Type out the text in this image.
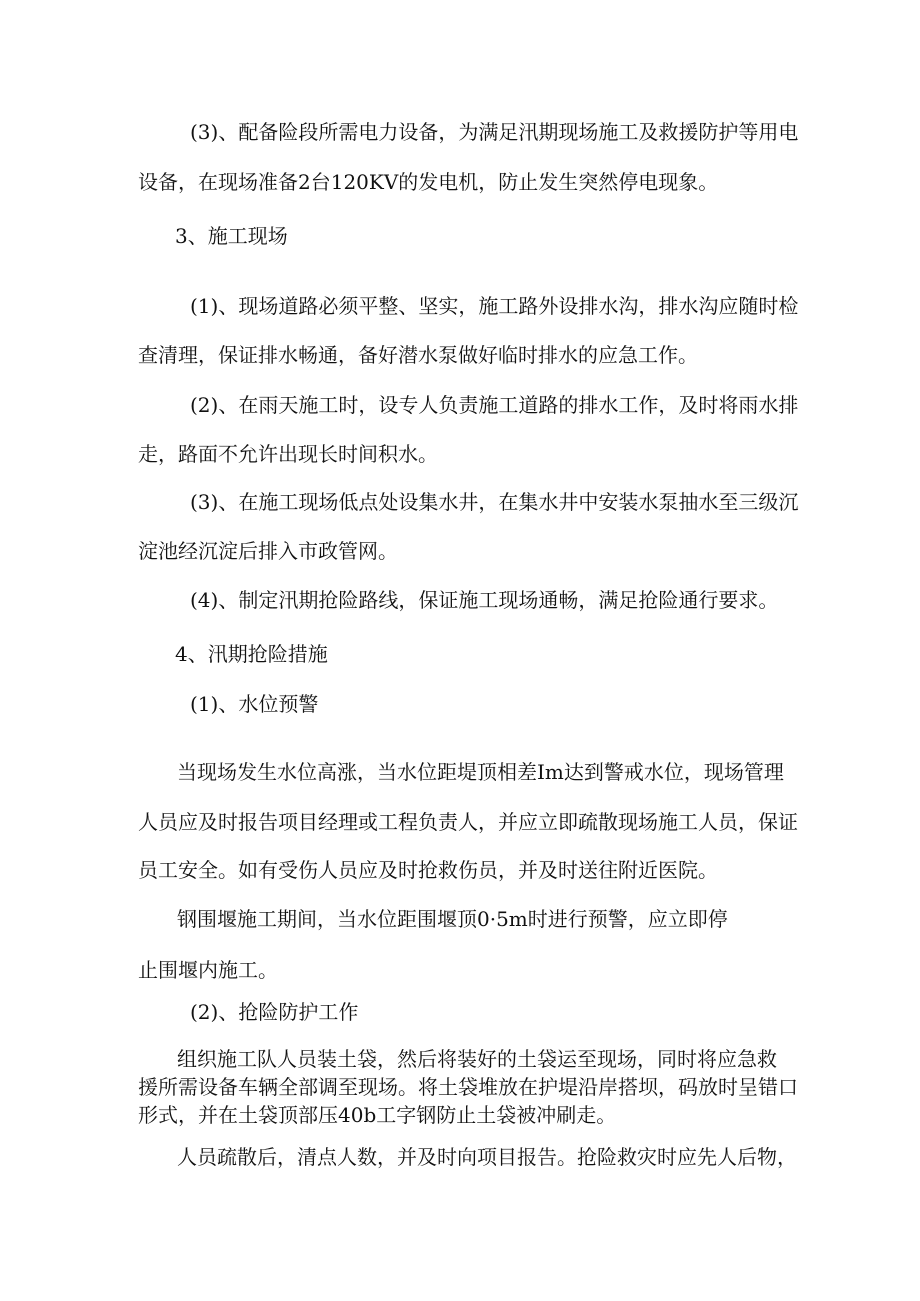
(3)、配备险段所需电力设备，为满足汛期现场施工及救援防护等用电
设备，在现场准备2台120KV的发电机，防止发生突然停电现象。
3、施工现场
(1)、现场道路必须平整、坚实，施工路外设排水沟，排水沟应随时检
查清理，保证排水畅通，备好潜水泵做好临时排水的应急工作。
(2)、在雨天施工时，设专人负责施工道路的排水工作，及时将雨水排
走，路面不允许出现长时间积水。
(3)、在施工现场低点处设集水井，在集水井中安装水泵抽水至三级沉
淀池经沉淀后排入市政管网。
(4)、制定汛期抢险路线，保证施工现场通畅，满足抢险通行要求。
4、汛期抢险措施
(1)、水位预警
当现场发生水位高涨，当水位距堤顶相差Im达到警戒水位，现场管理
人员应及时报告项目经理或工程负责人，并应立即疏散现场施工人员，保证
员工安全。如有受伤人员应及时抢救伤员，并及时送往附近医院。
钢围堰施工期间，当水位距围堰顶0·5m时进行预警，应立即停
止围堰内施工。
(2)、抢险防护工作
组织施工队人员装土袋，然后将装好的土袋运至现场，同时将应急救
援所需设备车辆全部调至现场。将土袋堆放在护堤沿岸搭坝，码放时呈错口
形式，并在土袋顶部压40b工字钢防止土袋被冲刷走。
人员疏散后，清点人数，并及时向项目报告。抢险救灾时应先人后物，
